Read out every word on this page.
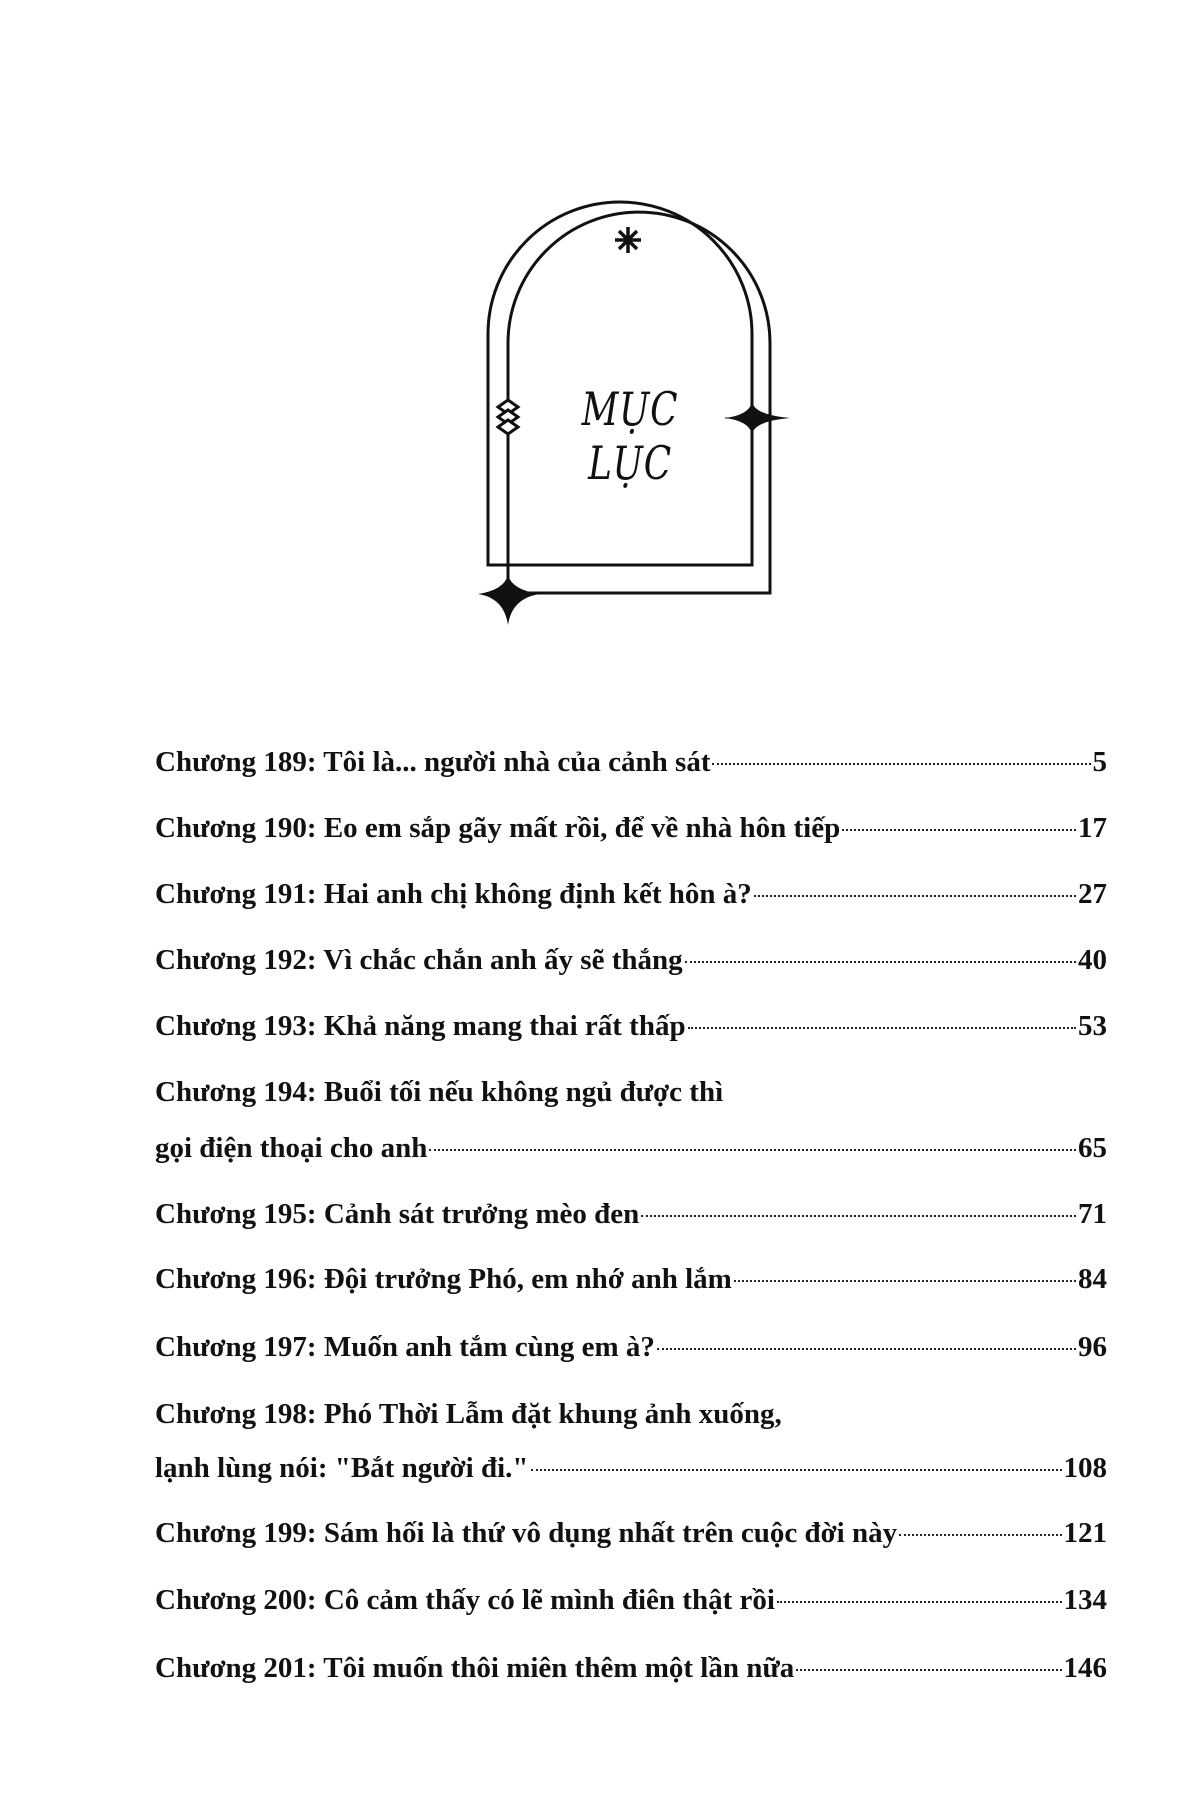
MỤC LỤC
Chương 189: Tôi là... người nhà của cảnh sát	5
Chương 190: Eo em sắp gãy mất rồi, để về nhà hôn tiếp	17
Chương 191: Hai anh chị không định kết hôn à?	27
Chương 192: Vì chắc chắn anh ấy sẽ thắng	40
Chương 193: Khả năng mang thai rất thấp	53
Chương 194: Buổi tối nếu không ngủ được thì
gọi điện thoại cho anh	65
Chương 195: Cảnh sát trưởng mèo đen	71
Chương 196: Đội trưởng Phó, em nhớ anh lắm	84
Chương 197: Muốn anh tắm cùng em à?	96
Chương 198: Phó Thời Lẫm đặt khung ảnh xuống,
lạnh lùng nói: "Bắt người đi."	108
Chương 199: Sám hối là thứ vô dụng nhất trên cuộc đời này	121
Chương 200: Cô cảm thấy có lẽ mình điên thật rồi	134
Chương 201: Tôi muốn thôi miên thêm một lần nữa	146
